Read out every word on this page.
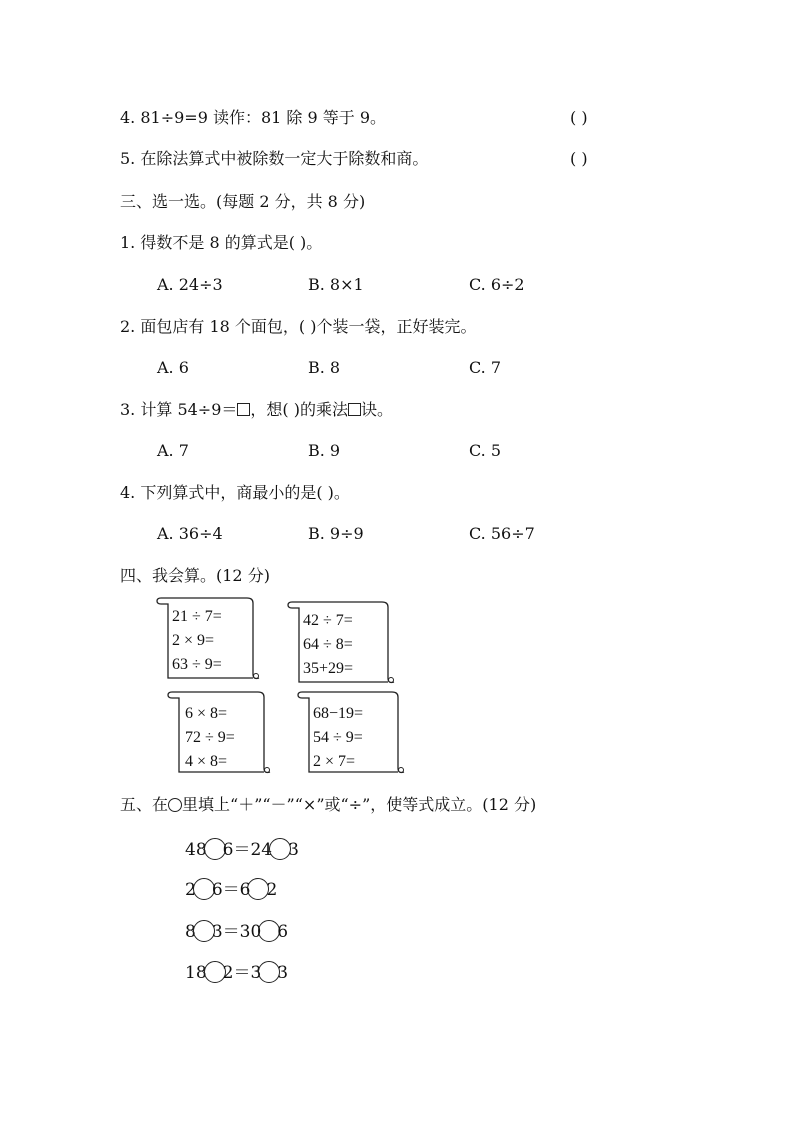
4. 81÷9=9 读作：81 除 9 等于 9。	( )
5. 在除法算式中被除数一定大于除数和商。	( )
三、选一选。(每题 2 分，共 8 分)
1. 得数不是 8 的算式是( )。
A. 24÷3	B. 8×1	C. 6÷2
2. 面包店有 18 个面包，( )个装一袋，正好装完。
A. 6	B. 8	C. 7
3. 计算 54÷9＝ ，想( )的乘法 诀。
A. 7	B. 9	C. 5
4. 下列算式中，商最小的是( )。
A. 36÷4	B. 9÷9	C. 56÷7
四、我会算。(12 分)
21 ÷ 7=
2 × 9=
63 ÷ 9=
42 ÷ 7=
64 ÷ 8=
35+29=
6 × 8=
72 ÷ 9=
4 × 8=
68−19=
54 ÷ 9=
2 × 7=
五、在 里填上“＋”“－”“×”或“÷”，使等式成立。(12 分)
48 6＝24 3
2 6＝6 2
8 3＝30 6
18 2＝3 3
